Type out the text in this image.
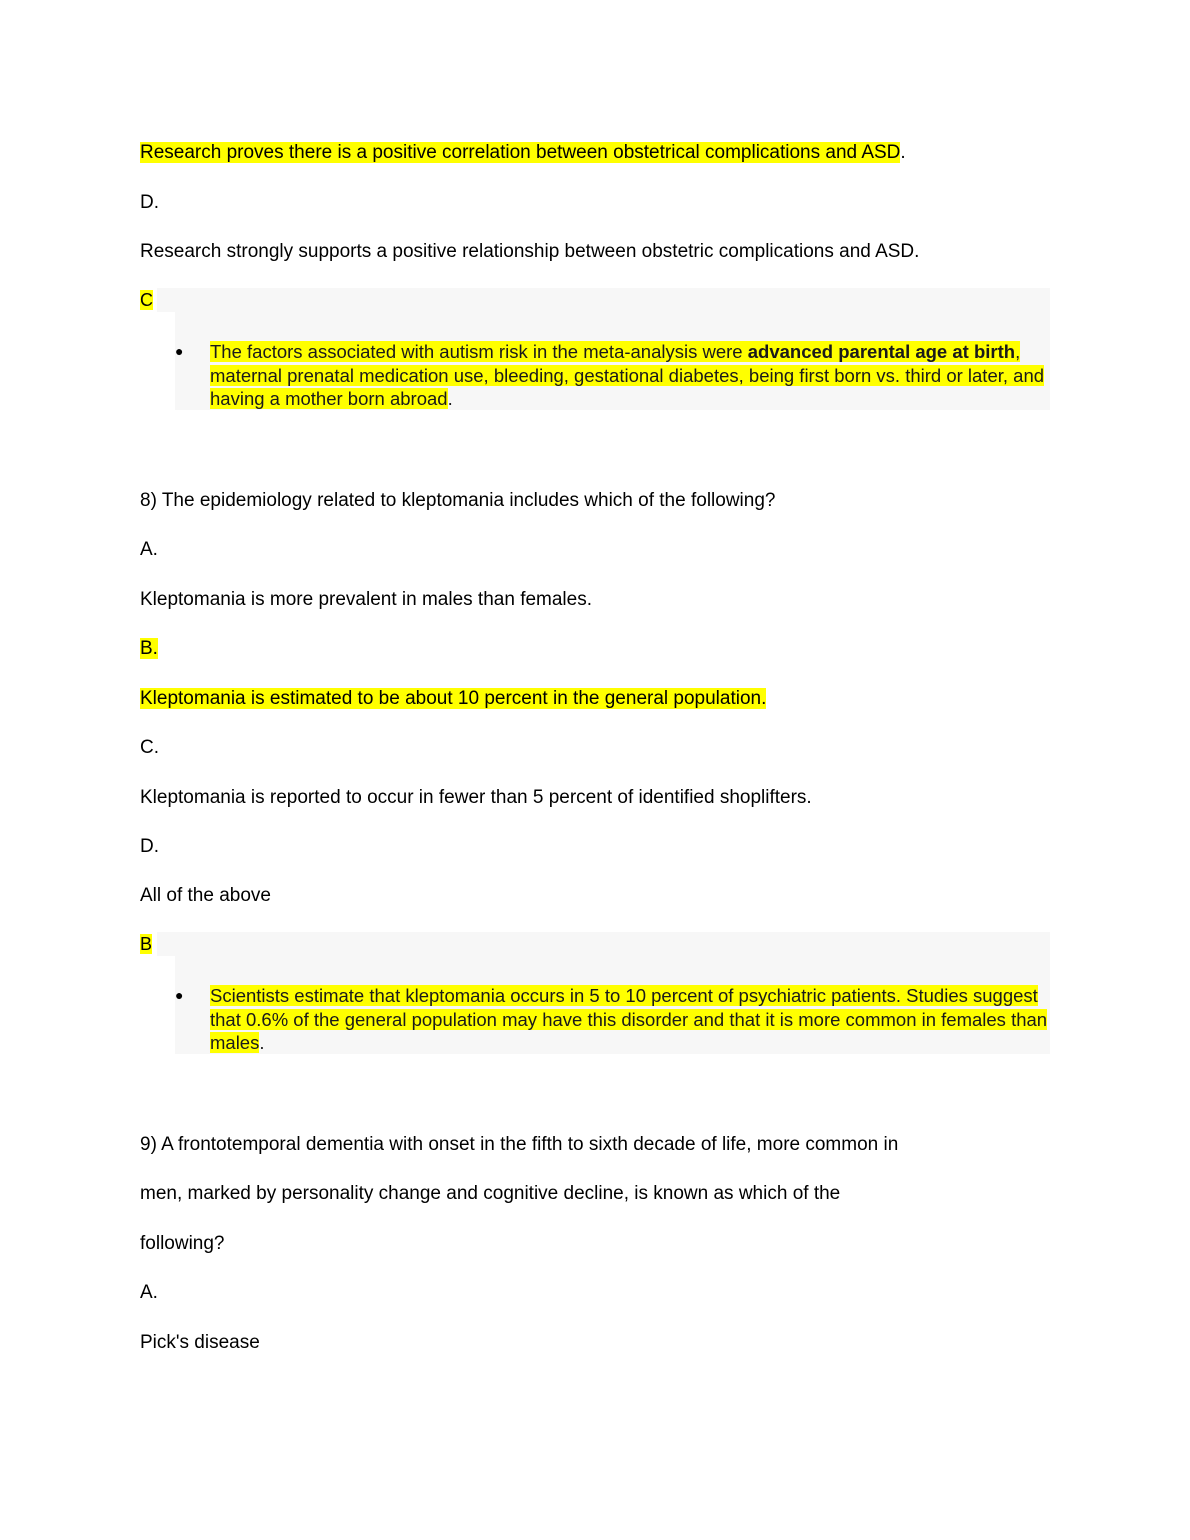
Research proves there is a positive correlation between obstetrical complications and ASD.
D.
Research strongly supports a positive relationship between obstetric complications and ASD.
C
● The factors associated with autism risk in the meta-analysis were advanced parental age at birth, maternal prenatal medication use, bleeding, gestational diabetes, being first born vs. third or later, and having a mother born abroad.
8) The epidemiology related to kleptomania includes which of the following?
A.
Kleptomania is more prevalent in males than females.
B.
Kleptomania is estimated to be about 10 percent in the general population.
C.
Kleptomania is reported to occur in fewer than 5 percent of identified shoplifters.
D.
All of the above
B
● Scientists estimate that kleptomania occurs in 5 to 10 percent of psychiatric patients. Studies suggest that 0.6% of the general population may have this disorder and that it is more common in females than males.
9) A frontotemporal dementia with onset in the fifth to sixth decade of life, more common in
men, marked by personality change and cognitive decline, is known as which of the
following?
A.
Pick's disease
